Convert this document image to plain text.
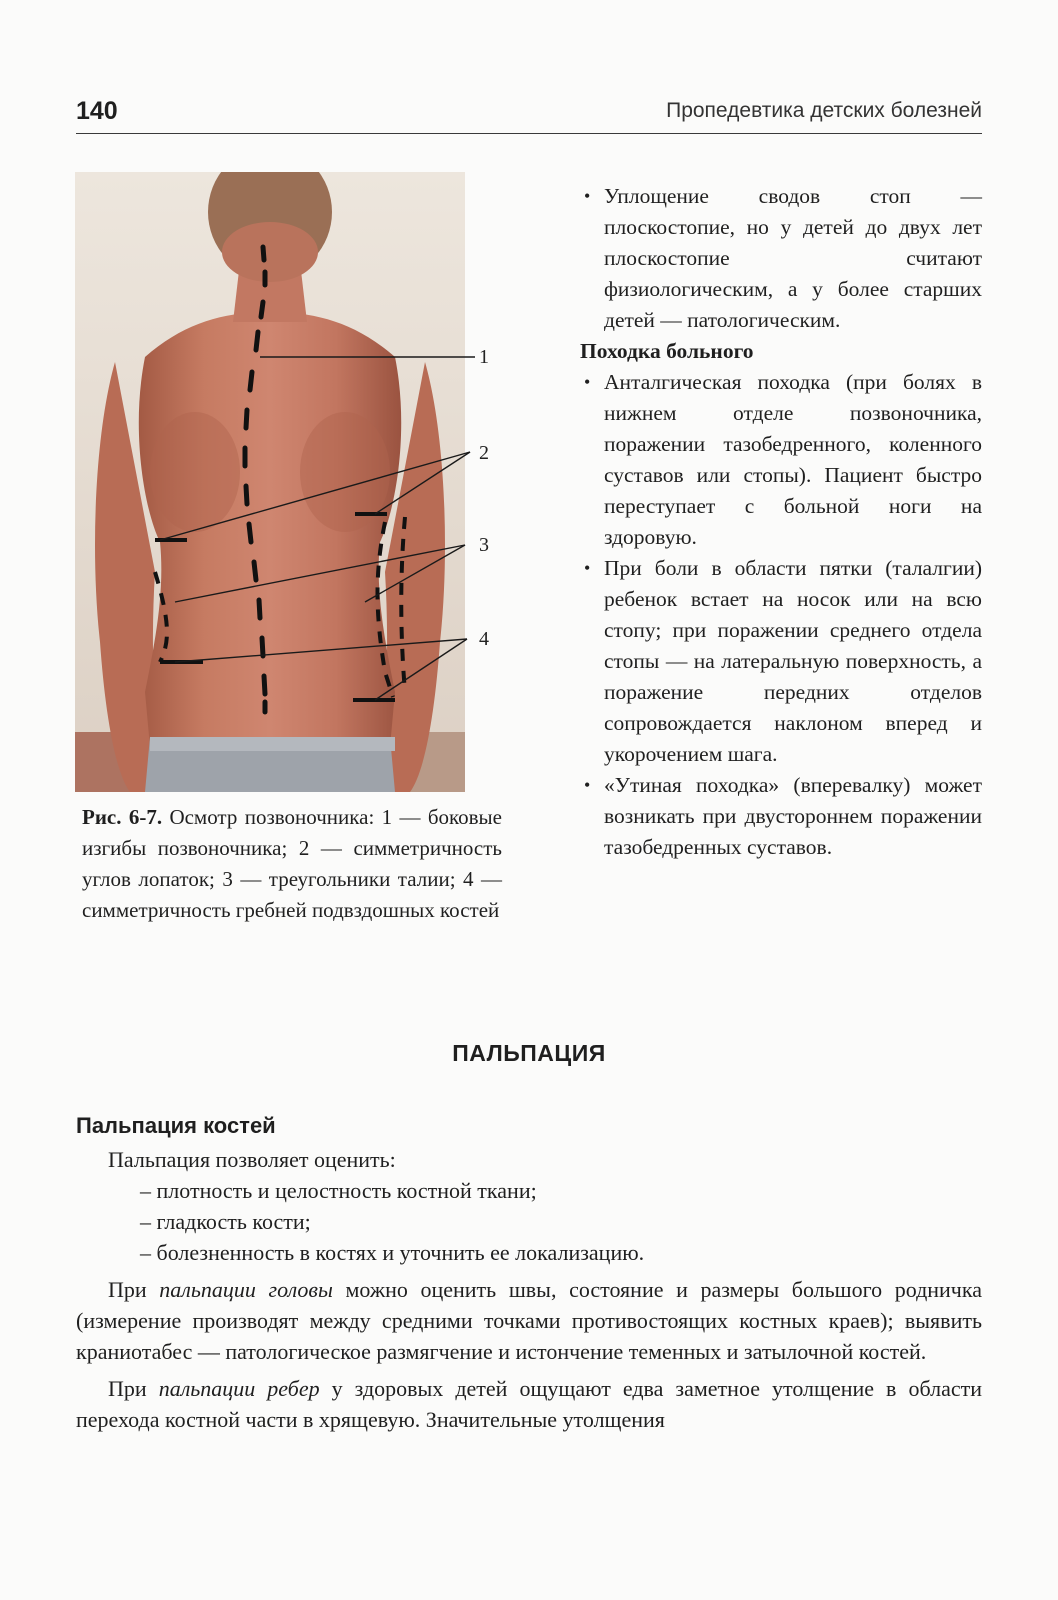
140	Пропедевтика детских болезней
1
2
3
4
Рис. 6-7. Осмотр позвоночника: 1 — боковые изгибы позвоночника; 2 — симметричность углов лопаток; 3 — треугольники талии; 4 — симметричность гребней подвздошных костей

• Уплощение сводов стоп — плоскостопие, но у детей до двух лет плоскостопие считают физиологическим, а у более старших детей — патологическим.

Походка больного

• Анталгическая походка (при болях в нижнем отделе позвоночника, поражении тазобедренного, коленного суставов или стопы). Пациент быстро переступает с больной ноги на здоровую.

• При боли в области пятки (талалгии) ребенок встает на носок или на всю стопу; при поражении среднего отдела стопы — на латеральную поверхность, а поражение передних отделов сопровождается наклоном вперед и укорочением шага.

• «Утиная походка» (вперевалку) может возникать при двустороннем поражении тазобедренных суставов.

ПАЛЬПАЦИЯ
Пальпация костей

Пальпация позволяет оценить:

– плотность и целостность костной ткани;

– гладкость кости;

– болезненность в костях и уточнить ее локализацию.

При пальпации головы можно оценить швы, состояние и размеры большого родничка (измерение производят между средними точками противостоящих костных краев); выявить краниотабес — патологическое размягчение и истончение теменных и затылочной костей.

При пальпации ребер у здоровых детей ощущают едва заметное утолщение в области перехода костной части в хрящевую. Значительные утолщения
